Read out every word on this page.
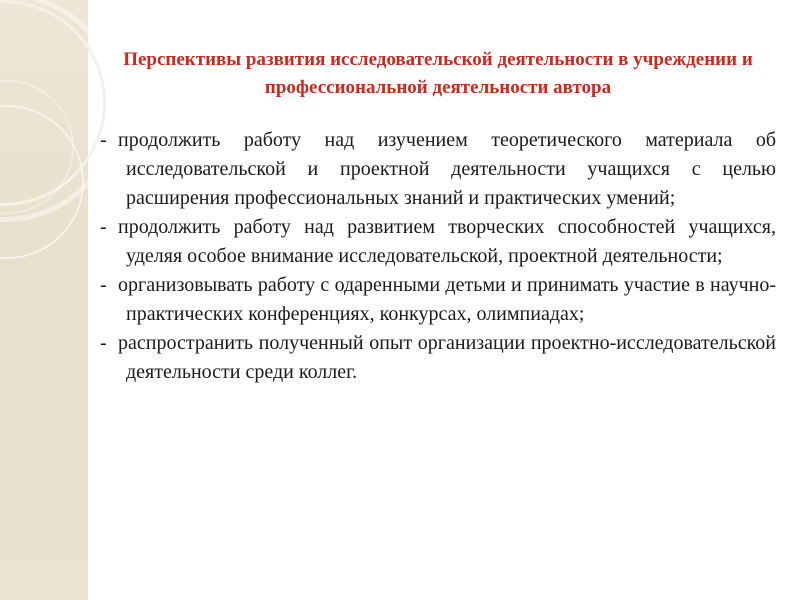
Перспективы развития исследовательской деятельности в учреждении и профессиональной деятельности автора
- продолжить работу над изучением теоретического материала об исследовательской и проектной деятельности учащихся с целью расширения профессиональных знаний и практических умений;
- продолжить работу над развитием творческих способностей учащихся, уделяя особое внимание исследовательской, проектной деятельности;
- организовывать работу с одаренными детьми и принимать участие в научно- практических конференциях, конкурсах, олимпиадах;
- распространить полученный опыт организации проектно-исследовательской деятельности среди коллег.
